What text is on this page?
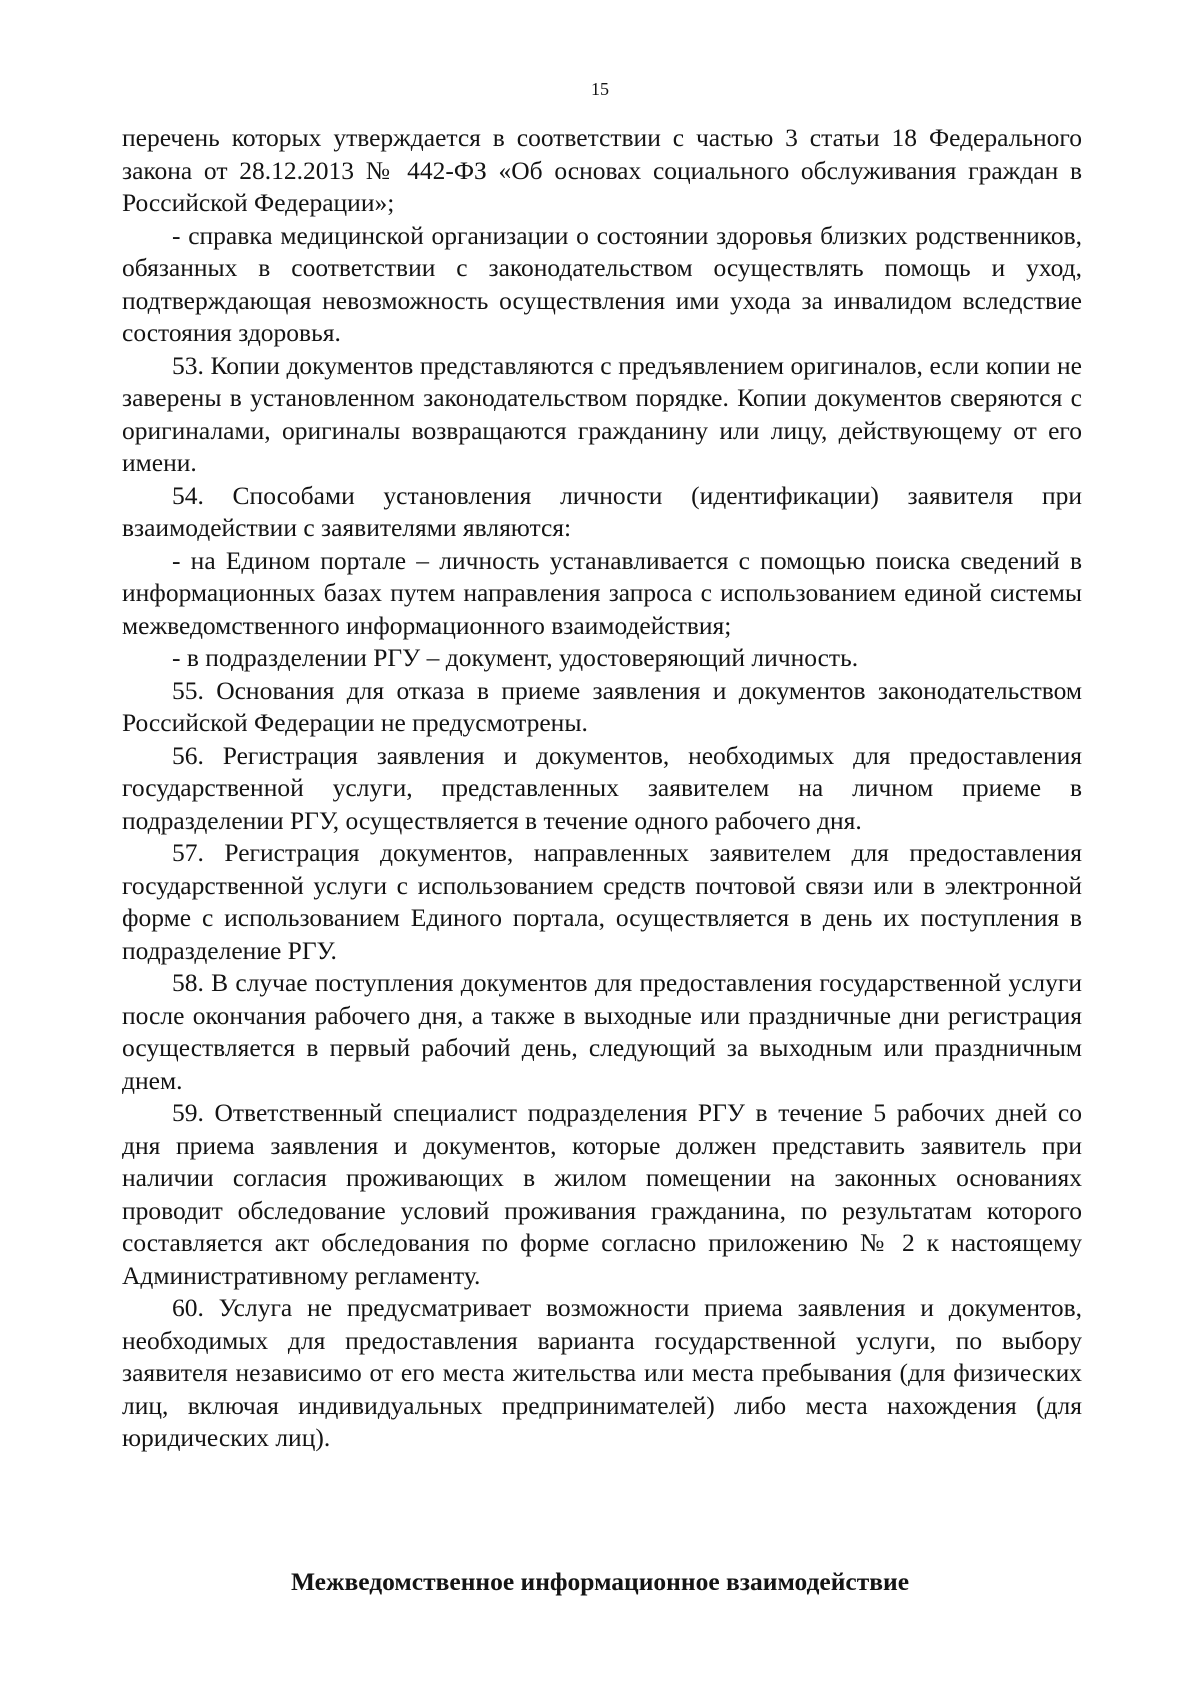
15

перечень которых утверждается в соответствии с частью 3 статьи 18 Федерального закона от 28.12.2013 № 442-ФЗ «Об основах социального обслуживания граждан в Российской Федерации»;

- справка медицинской организации о состоянии здоровья близких родственников, обязанных в соответствии с законодательством осуществлять помощь и уход, подтверждающая невозможность осуществления ими ухода за инвалидом вследствие состояния здоровья.

53. Копии документов представляются с предъявлением оригиналов, если копии не заверены в установленном законодательством порядке. Копии документов сверяются с оригиналами, оригиналы возвращаются гражданину или лицу, действующему от его имени.

54. Способами установления личности (идентификации) заявителя при взаимодействии с заявителями являются:

- на Едином портале – личность устанавливается с помощью поиска сведений в информационных базах путем направления запроса с использованием единой системы межведомственного информационного взаимодействия;

- в подразделении РГУ – документ, удостоверяющий личность.

55. Основания для отказа в приеме заявления и документов законодательством Российской Федерации не предусмотрены.

56. Регистрация заявления и документов, необходимых для предоставления государственной услуги, представленных заявителем на личном приеме в подразделении РГУ, осуществляется в течение одного рабочего дня.

57. Регистрация документов, направленных заявителем для предоставления государственной услуги с использованием средств почтовой связи или в электронной форме с использованием Единого портала, осуществляется в день их поступления в подразделение РГУ.

58. В случае поступления документов для предоставления государственной услуги после окончания рабочего дня, а также в выходные или праздничные дни регистрация осуществляется в первый рабочий день, следующий за выходным или праздничным днем.

59. Ответственный специалист подразделения РГУ в течение 5 рабочих дней со дня приема заявления и документов, которые должен представить заявитель при наличии согласия проживающих в жилом помещении на законных основаниях проводит обследование условий проживания гражданина, по результатам которого составляется акт обследования по форме согласно приложению № 2 к настоящему Административному регламенту.

60. Услуга не предусматривает возможности приема заявления и документов, необходимых для предоставления варианта государственной услуги, по выбору заявителя независимо от его места жительства или места пребывания (для физических лиц, включая индивидуальных предпринимателей) либо места нахождения (для юридических лиц).

Межведомственное информационное взаимодействие
